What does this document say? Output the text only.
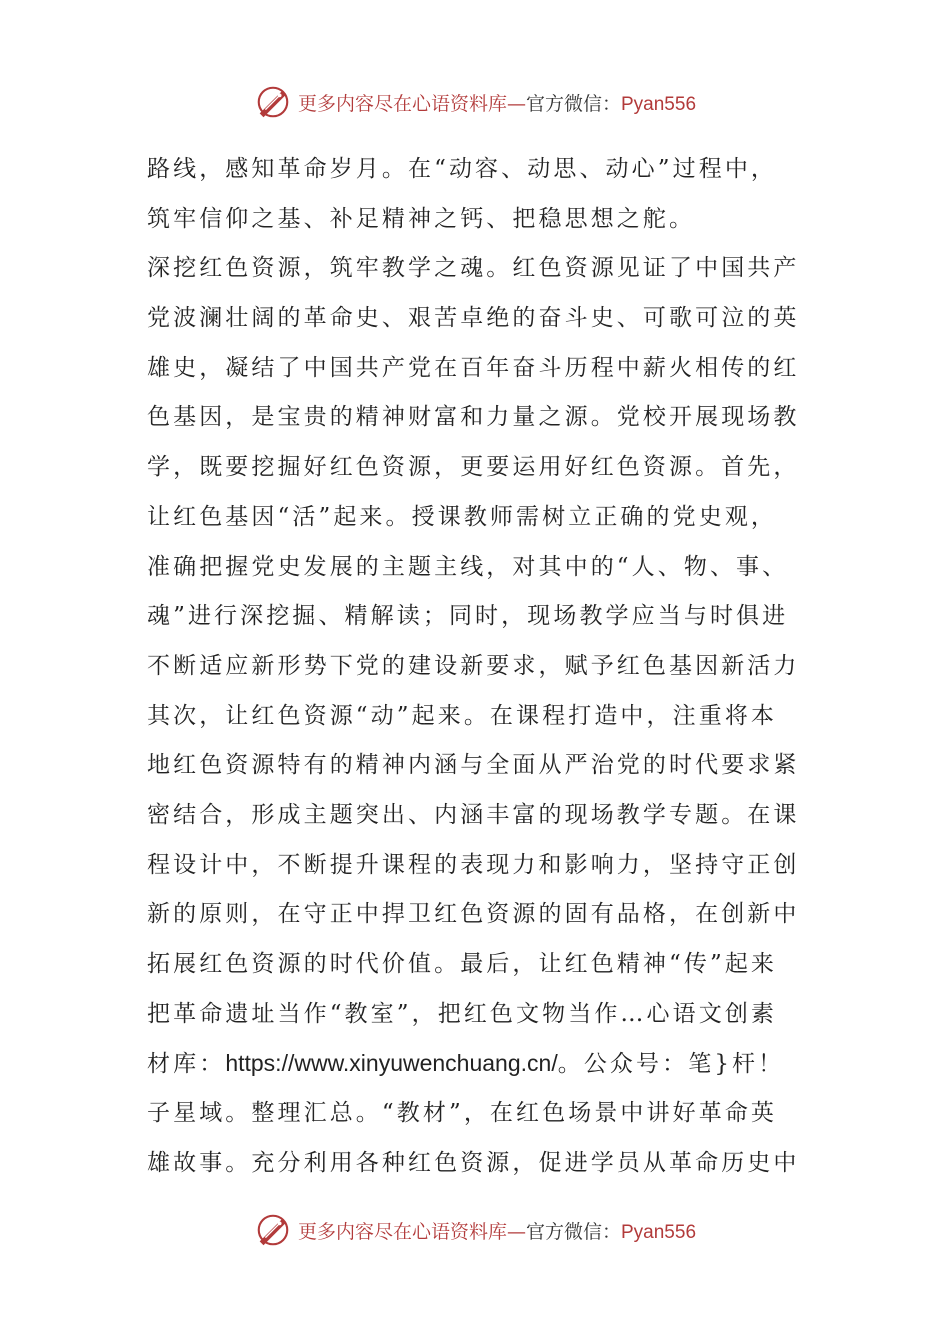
更多内容尽在心语资料库—官方微信：Pyan556
路线，感知革命岁月。在“动容、动思、动心”过程中，
筑牢信仰之基、补足精神之钙、把稳思想之舵。
深挖红色资源，筑牢教学之魂。红色资源见证了中国共产
党波澜壮阔的革命史、艰苦卓绝的奋斗史、可歌可泣的英
雄史，凝结了中国共产党在百年奋斗历程中薪火相传的红
色基因，是宝贵的精神财富和力量之源。党校开展现场教
学，既要挖掘好红色资源，更要运用好红色资源。首先，
让红色基因“活”起来。授课教师需树立正确的党史观，
准确把握党史发展的主题主线，对其中的“人、物、事、
魂”进行深挖掘、精解读；同时，现场教学应当与时俱进
不断适应新形势下党的建设新要求，赋予红色基因新活力
其次，让红色资源“动”起来。在课程打造中，注重将本
地红色资源特有的精神内涵与全面从严治党的时代要求紧
密结合，形成主题突出、内涵丰富的现场教学专题。在课
程设计中，不断提升课程的表现力和影响力，坚持守正创
新的原则，在守正中捍卫红色资源的固有品格，在创新中
拓展红色资源的时代价值。最后，让红色精神“传”起来
把革命遗址当作“教室”，把红色文物当作…心语文创素
材库：https://www.xinyuwenchuang.cn/。公众号：笔}杆！
子星域。整理汇总。“教材”，在红色场景中讲好革命英
雄故事。充分利用各种红色资源，促进学员从革命历史中
更多内容尽在心语资料库—官方微信：Pyan556
